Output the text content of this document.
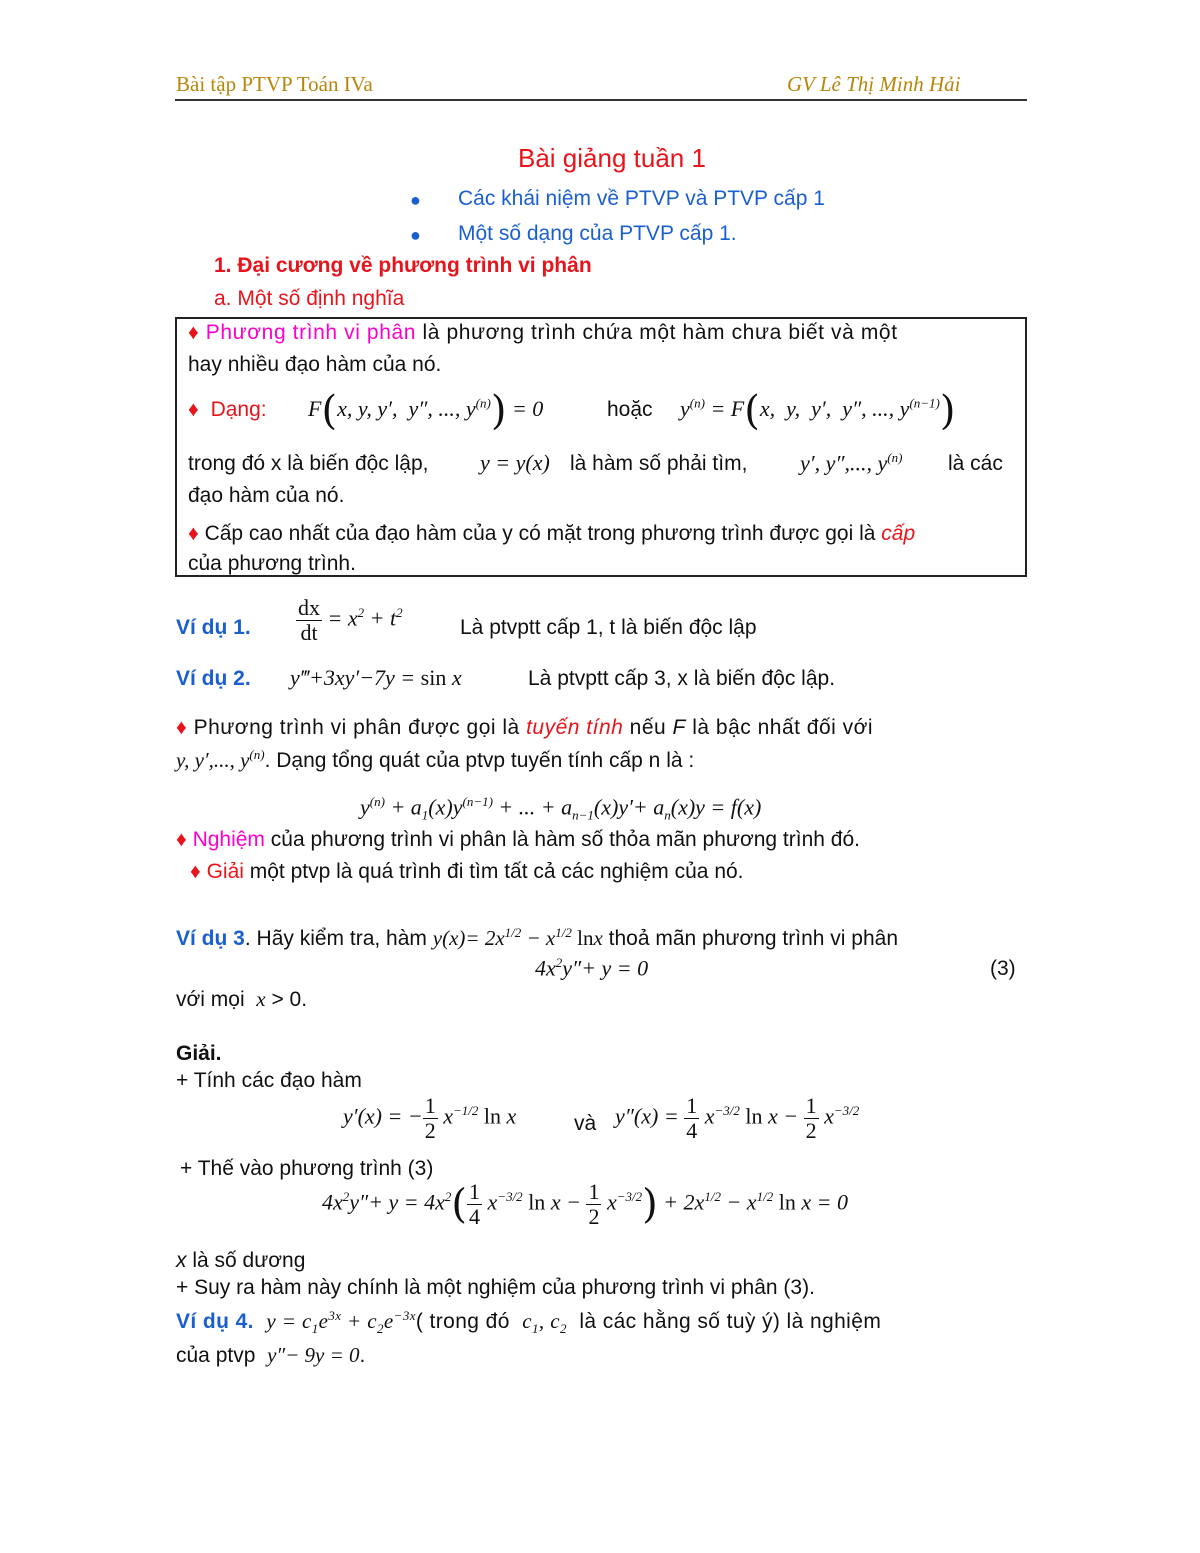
Bài tập PTVP Toán IVa	GV Lê Thị Minh Hải
Bài giảng tuần 1
● Các khái niệm về PTVP và PTVP cấp 1
● Một số dạng của PTVP cấp 1.
1. Đại cương về phương trình vi phân
a. Một số định nghĩa
♦ Phương trình vi phân là phương trình chứa một hàm chưa biết và một
hay nhiều đạo hàm của nó.
♦ Dạng: F(x, y, y′,  y″, ..., $y^{(n)}) = 0$	hoặc $y^{(n)} = F(x$,  y,  y′,  y″, ..., $y^{(n-1)}$)
trong đó x là biến độc lập, y = y(x) là hàm số phải tìm, y′, y″,..., $y^{(n)}$ là các
đạo hàm của nó.
♦ Cấp cao nhất của đạo hàm của y có mặt trong phương trình được gọi là cấp
của phương trình.
Ví dụ 1. $\frac{dx}{dt} = x^2 + t^2$
Là ptvptt cấp 1, t là biến độc lập
Ví dụ 2. y‴+3xy′−7y = sin x	Là ptvptt cấp 3, x là biến độc lập.
♦ Phương trình vi phân được gọi là tuyến tính nếu F là bậc nhất đối với
y, y′,..., $y^{(n)}$. Dạng tổng quát của ptvp tuyến tính cấp n là :
$y^{(n)} + a_1(x)y^{(n-1)}$ + ... + $a_{n-1}(x)y'+ a_n(x)y = f(x)$
♦ Nghiệm của phương trình vi phân là hàm số thỏa mãn phương trình đó.
♦ Giải một ptvp là quá trình đi tìm tất cả các nghiệm của nó.
Ví dụ 3. Hãy kiểm tra, hàm $y(x)= 2x^{1/2} - x^{1/2}$ lnx thoả mãn phương trình vi phân
$4x^2y''+ y = 0$	(3)
với mọi x > 0.
Giải.
+ Tính các đạo hàm
y′(x) = − $\frac{1}{2} x^{-1/2}$ ln x	và $y''(x) = \frac{1}{4} x^{-3/2}$ $\ln x - \frac{1}{2} x^{-3/2}$
+ Thế vào phương trình (3)
$4x^2y''+ y = 4x^2( \frac{1}{4} x^{-3/2}$ $\ln x - \frac{1}{2} x^{-3/2}) + 2x^{1/2} - x^{1/2}$ ln x = 0
x là số dương
+ Suy ra hàm này chính là một nghiệm của phương trình vi phân (3).
Ví dụ 4. $y = c_1e^{3x} + c_2e^{-3x}$( trong đó $c_1$, $c_2$ là các hằng số tuỳ ý) là nghiệm
của ptvp y″− 9y = 0.
